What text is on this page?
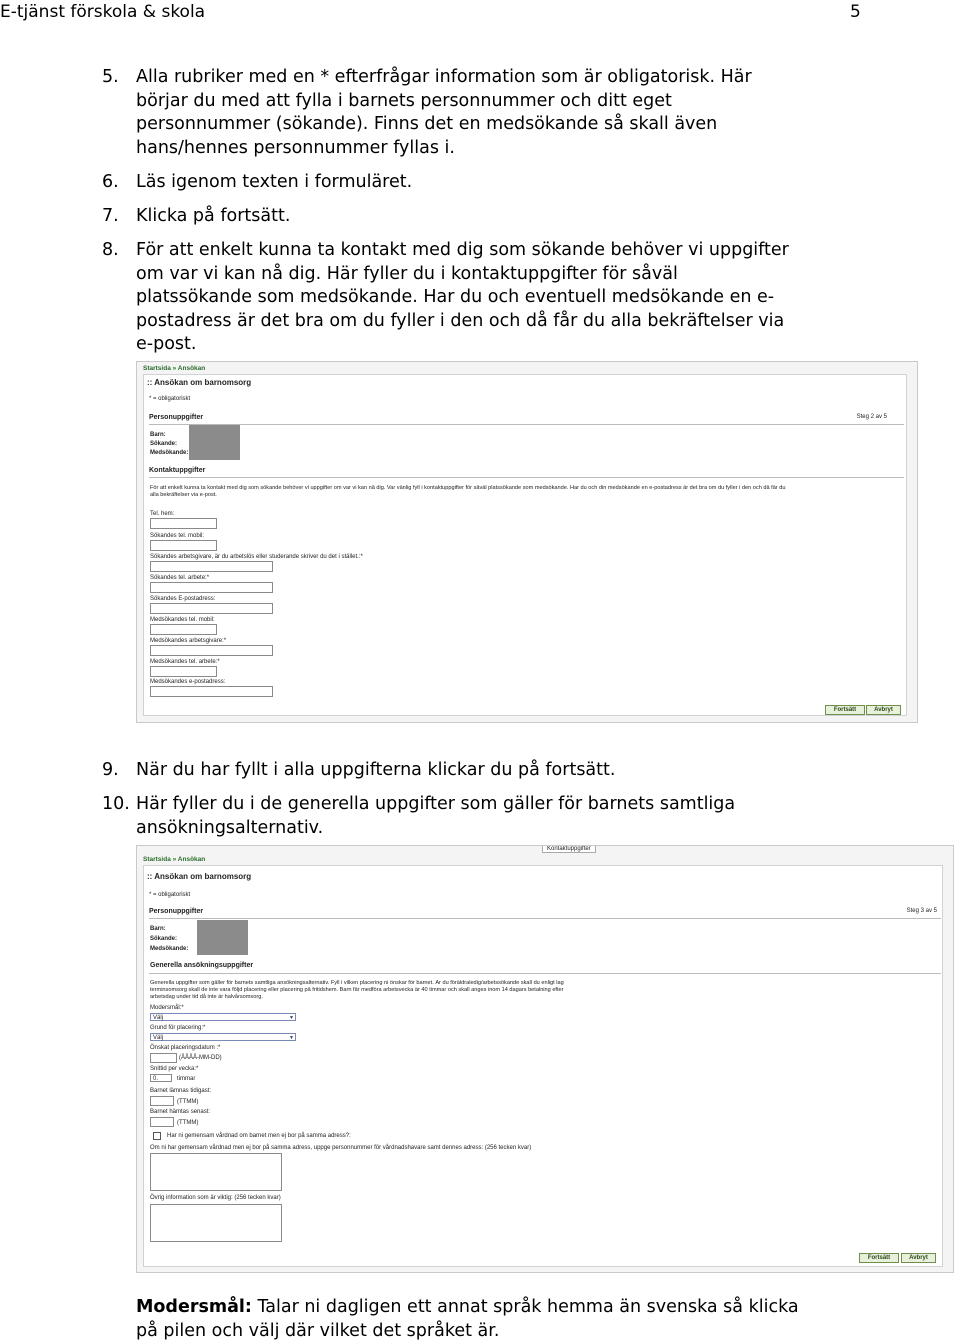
E-tjänst förskola & skola	5
5. Alla rubriker med en * efterfrågar information som är obligatorisk. Här
börjar du med att fylla i barnets personnummer och ditt eget
personnummer (sökande). Finns det en medsökande så skall även
hans/hennes personnummer fyllas i.
6. Läs igenom texten i formuläret.
7. Klicka på fortsätt.
8. För att enkelt kunna ta kontakt med dig som sökande behöver vi uppgifter
om var vi kan nå dig. Här fyller du i kontaktuppgifter för såväl
platssökande som medsökande. Har du och eventuell medsökande en e-
postadress är det bra om du fyller i den och då får du alla bekräftelser via
e-post.
Startsida » Ansökan
:: Ansökan om barnomsorg
* = obligatoriskt
Personuppgifter	Steg 2 av 5
Barn:
Sökande:
Medsökande:
Kontaktuppgifter
För att enkelt kunna ta kontakt med dig som sökande behöver vi uppgifter om var vi kan nå dig. Var vänlig fyll i kontaktuppgifter för såväl platssökande som medsökande. Har du och din medsökande en e-postadress är det bra om du fyller i den och då får du
alla bekräftelser via e-post.
Tel. hem:
Sökandes tel. mobil:
Sökandes arbetsgivare, är du arbetslös eller studerande skriver du det i stället.:*
Sökandes tel. arbete:*
Sökandes E-postadress:
Medsökandes tel. mobil:
Medsökandes arbetsgivare:*
Medsökandes tel. arbete:*
Medsökandes e-postadress:
Fortsätt	Avbryt
9. När du har fyllt i alla uppgifterna klickar du på fortsätt.
10. Här fyller du i de generella uppgifter som gäller för barnets samtliga
ansökningsalternativ.
Kontaktuppgifter
Startsida » Ansökan
:: Ansökan om barnomsorg
* = obligatoriskt
Personuppgifter	Steg 3 av 5
Barn:
Sökande:
Medsökande:
Generella ansökningsuppgifter
Generella uppgifter som gäller för barnets samtliga ansökningsalternativ. Fyll i vilken placering ni önskar för barnet. Är du föräldraledig/arbetssökande skall du enligt lag
terminsomsorg skall de inte vara följd placering eller placering på fritidshem. Barn får medföra arbetsvecka är 40 timmar och skall anges inom 14 dagars betalning efter
arbetsdag under tid då inte är halvårsomsorg.
Modersmål:*
Välj	▼
Grund för placering:*
Välj	▼
Önskat placeringsdatum :*
(ÅÅÅÅ-MM-DD)
Snittid per vecka:*
0.	timmar
Barnet lämnas tidigast:
(TTMM)
Barnet hämtas senast:
(TTMM)
Har ni gemensam vårdnad om barnet men ej bor på samma adress?:
Om ni har gemensam vårdnad men ej bor på samma adress, uppge personnummer för vårdnadshavare samt dennes adress: (256 tecken kvar)
Övrig information som är viktig: (256 tecken kvar)
Fortsätt	Avbryt
Modersmål: Talar ni dagligen ett annat språk hemma än svenska så klicka
på pilen och välj där vilket det språket är.
